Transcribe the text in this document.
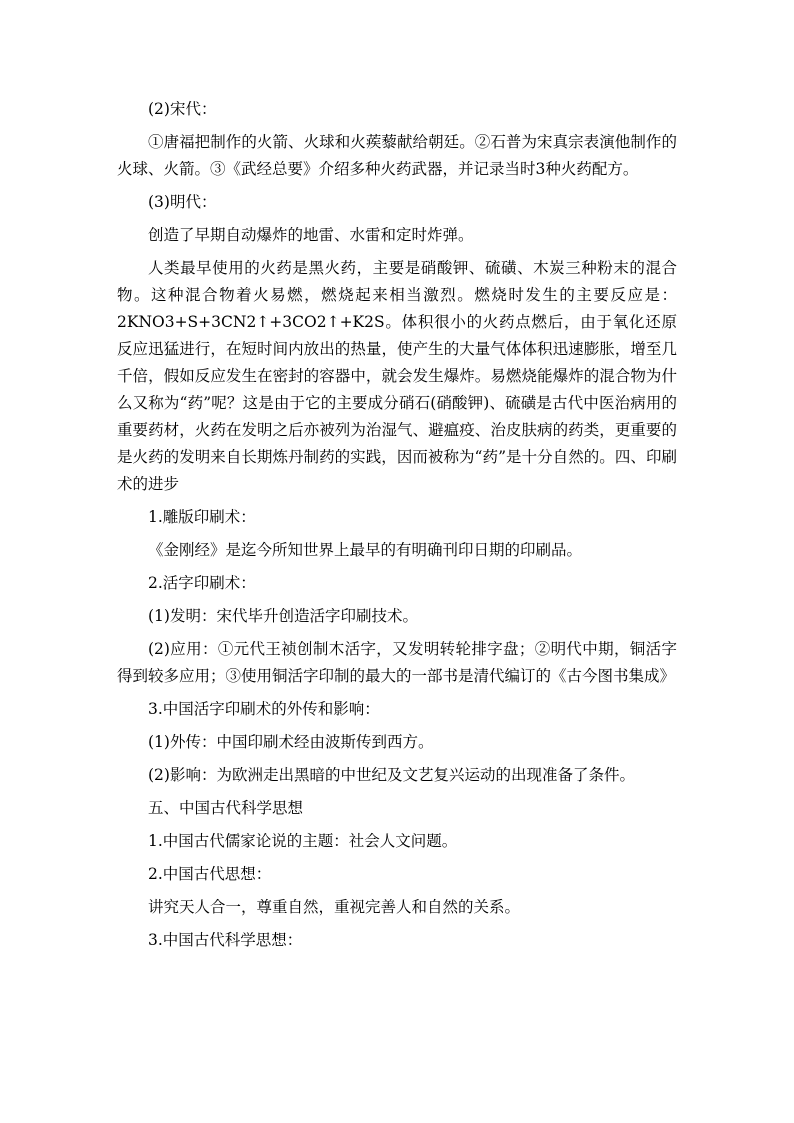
(2)宋代：

①唐福把制作的火箭、火球和火蒺藜献给朝廷。②石普为宋真宗表演他制作的火球、火箭。③《武经总要》介绍多种火药武器，并记录当时3种火药配方。

(3)明代：

创造了早期自动爆炸的地雷、水雷和定时炸弹。

人类最早使用的火药是黑火药，主要是硝酸钾、硫磺、木炭三种粉末的混合物。这种混合物着火易燃，燃烧起来相当激烈。燃烧时发生的主要反应是：2KNO3+S+3CN2↑+3CO2↑+K2S。体积很小的火药点燃后，由于氧化还原反应迅猛进行，在短时间内放出的热量，使产生的大量气体体积迅速膨胀，增至几千倍，假如反应发生在密封的容器中，就会发生爆炸。易燃烧能爆炸的混合物为什么又称为“药”呢？这是由于它的主要成分硝石(硝酸钾)、硫磺是古代中医治病用的重要药材，火药在发明之后亦被列为治湿气、避瘟疫、治皮肤病的药类，更重要的是火药的发明来自长期炼丹制药的实践，因而被称为“药”是十分自然的。四、印刷术的进步

1.雕版印刷术：

《金刚经》是迄今所知世界上最早的有明确刊印日期的印刷品。

2.活字印刷术：

(1)发明：宋代毕升创造活字印刷技术。

(2)应用：①元代王祯创制木活字，又发明转轮排字盘；②明代中期，铜活字得到较多应用；③使用铜活字印制的最大的一部书是清代编订的《古今图书集成》

3.中国活字印刷术的外传和影响：

(1)外传：中国印刷术经由波斯传到西方。

(2)影响：为欧洲走出黑暗的中世纪及文艺复兴运动的出现准备了条件。

五、中国古代科学思想

1.中国古代儒家论说的主题：社会人文问题。

2.中国古代思想：

讲究天人合一，尊重自然，重视完善人和自然的关系。

3.中国古代科学思想：
